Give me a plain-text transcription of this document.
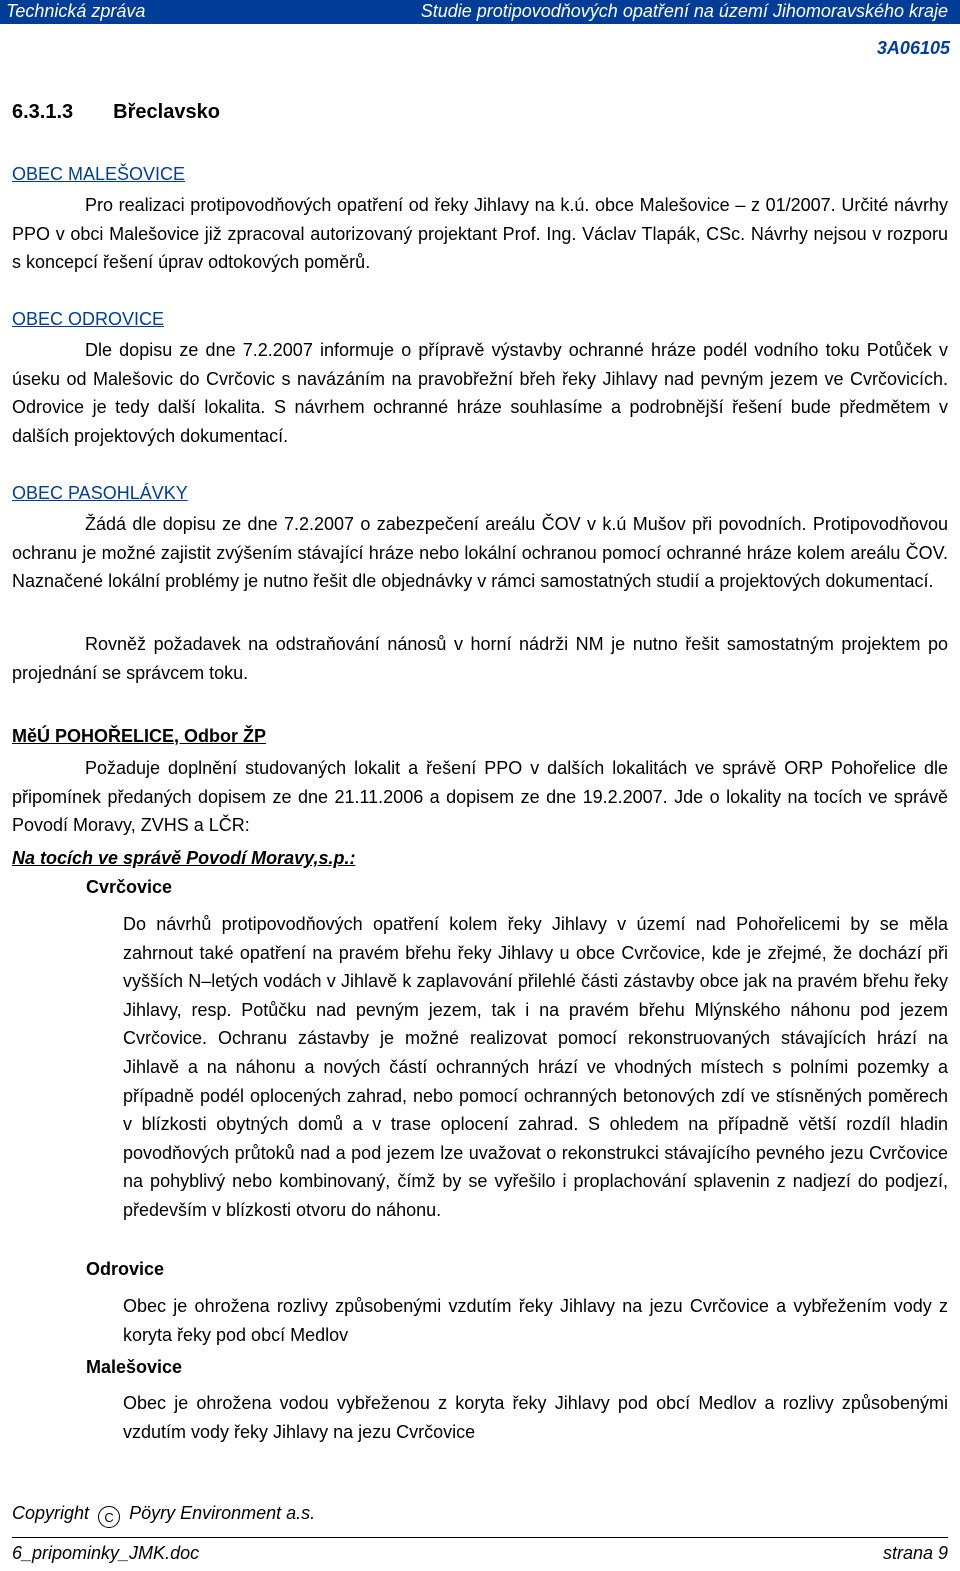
Technická zpráva	Studie protipovodňových opatření na území Jihomoravského kraje
3A06105
6.3.1.3 Břeclavsko
OBEC MALEŠOVICE
Pro realizaci protipovodňových opatření od řeky Jihlavy na k.ú. obce Malešovice – z 01/2007. Určité návrhy PPO v obci Malešovice již zpracoval autorizovaný projektant Prof. Ing. Václav Tlapák, CSc. Návrhy nejsou v rozporu s koncepcí řešení úprav odtokových poměrů.
OBEC ODROVICE
Dle dopisu ze dne 7.2.2007 informuje o přípravě výstavby ochranné hráze podél vodního toku Potůček v úseku od Malešovic do Cvrčovic s navázáním na pravobřežní břeh řeky Jihlavy nad pevným jezem ve Cvrčovicích. Odrovice je tedy další lokalita. S návrhem ochranné hráze souhlasíme a podrobnější řešení bude předmětem v dalších projektových dokumentací.
OBEC PASOHLÁVKY
Žádá dle dopisu ze dne 7.2.2007 o zabezpečení areálu ČOV v k.ú Mušov při povodních. Protipovodňovou ochranu je možné zajistit zvýšením stávající hráze nebo lokální ochranou pomocí ochranné hráze kolem areálu ČOV. Naznačené lokální problémy je nutno řešit dle objednávky v rámci samostatných studií a projektových dokumentací.
Rovněž požadavek na odstraňování nánosů v horní nádrži NM je nutno řešit samostatným projektem po projednání se správcem toku.
MěÚ POHOŘELICE, Odbor ŽP
Požaduje doplnění studovaných lokalit a řešení PPO v dalších lokalitách ve správě ORP Pohořelice dle připomínek předaných dopisem ze dne 21.11.2006 a dopisem ze dne 19.2.2007. Jde o lokality na tocích ve správě Povodí Moravy, ZVHS a LČR:
Na tocích ve správě Povodí Moravy,s.p.:
Cvrčovice
Do návrhů protipovodňových opatření kolem řeky Jihlavy v území nad Pohořelicemi by se měla zahrnout také opatření na pravém břehu řeky Jihlavy u obce Cvrčovice, kde je zřejmé, že dochází při vyšších N–letých vodách v Jihlavě k zaplavování přilehlé části zástavby obce jak na pravém břehu řeky Jihlavy, resp. Potůčku nad pevným jezem, tak i na pravém břehu Mlýnského náhonu pod jezem Cvrčovice. Ochranu zástavby je možné realizovat pomocí rekonstruovaných stávajících hrází na Jihlavě a na náhonu a nových částí ochranných hrází ve vhodných místech s polními pozemky a případně podél oplocených zahrad, nebo pomocí ochranných betonových zdí ve stísněných poměrech v blízkosti obytných domů a v trase oplocení zahrad. S ohledem na případně větší rozdíl hladin povodňových průtoků nad a pod jezem lze uvažovat o rekonstrukci stávajícího pevného jezu Cvrčovice na pohyblivý nebo kombinovaný, čímž by se vyřešilo i proplachování splavenin z nadjezí do podjezí, především v blízkosti otvoru do náhonu.
Odrovice
Obec je ohrožena rozlivy způsobenými vzdutím řeky Jihlavy na jezu Cvrčovice a vybřežením vody z koryta řeky pod obcí Medlov
Malešovice
Obec je ohrožena vodou vybřeženou z koryta řeky Jihlavy pod obcí Medlov a rozlivy způsobenými vzdutím vody řeky Jihlavy na jezu Cvrčovice
Copyright C Pöyry Environment a.s.
6_pripominky_JMK.doc	strana 9
